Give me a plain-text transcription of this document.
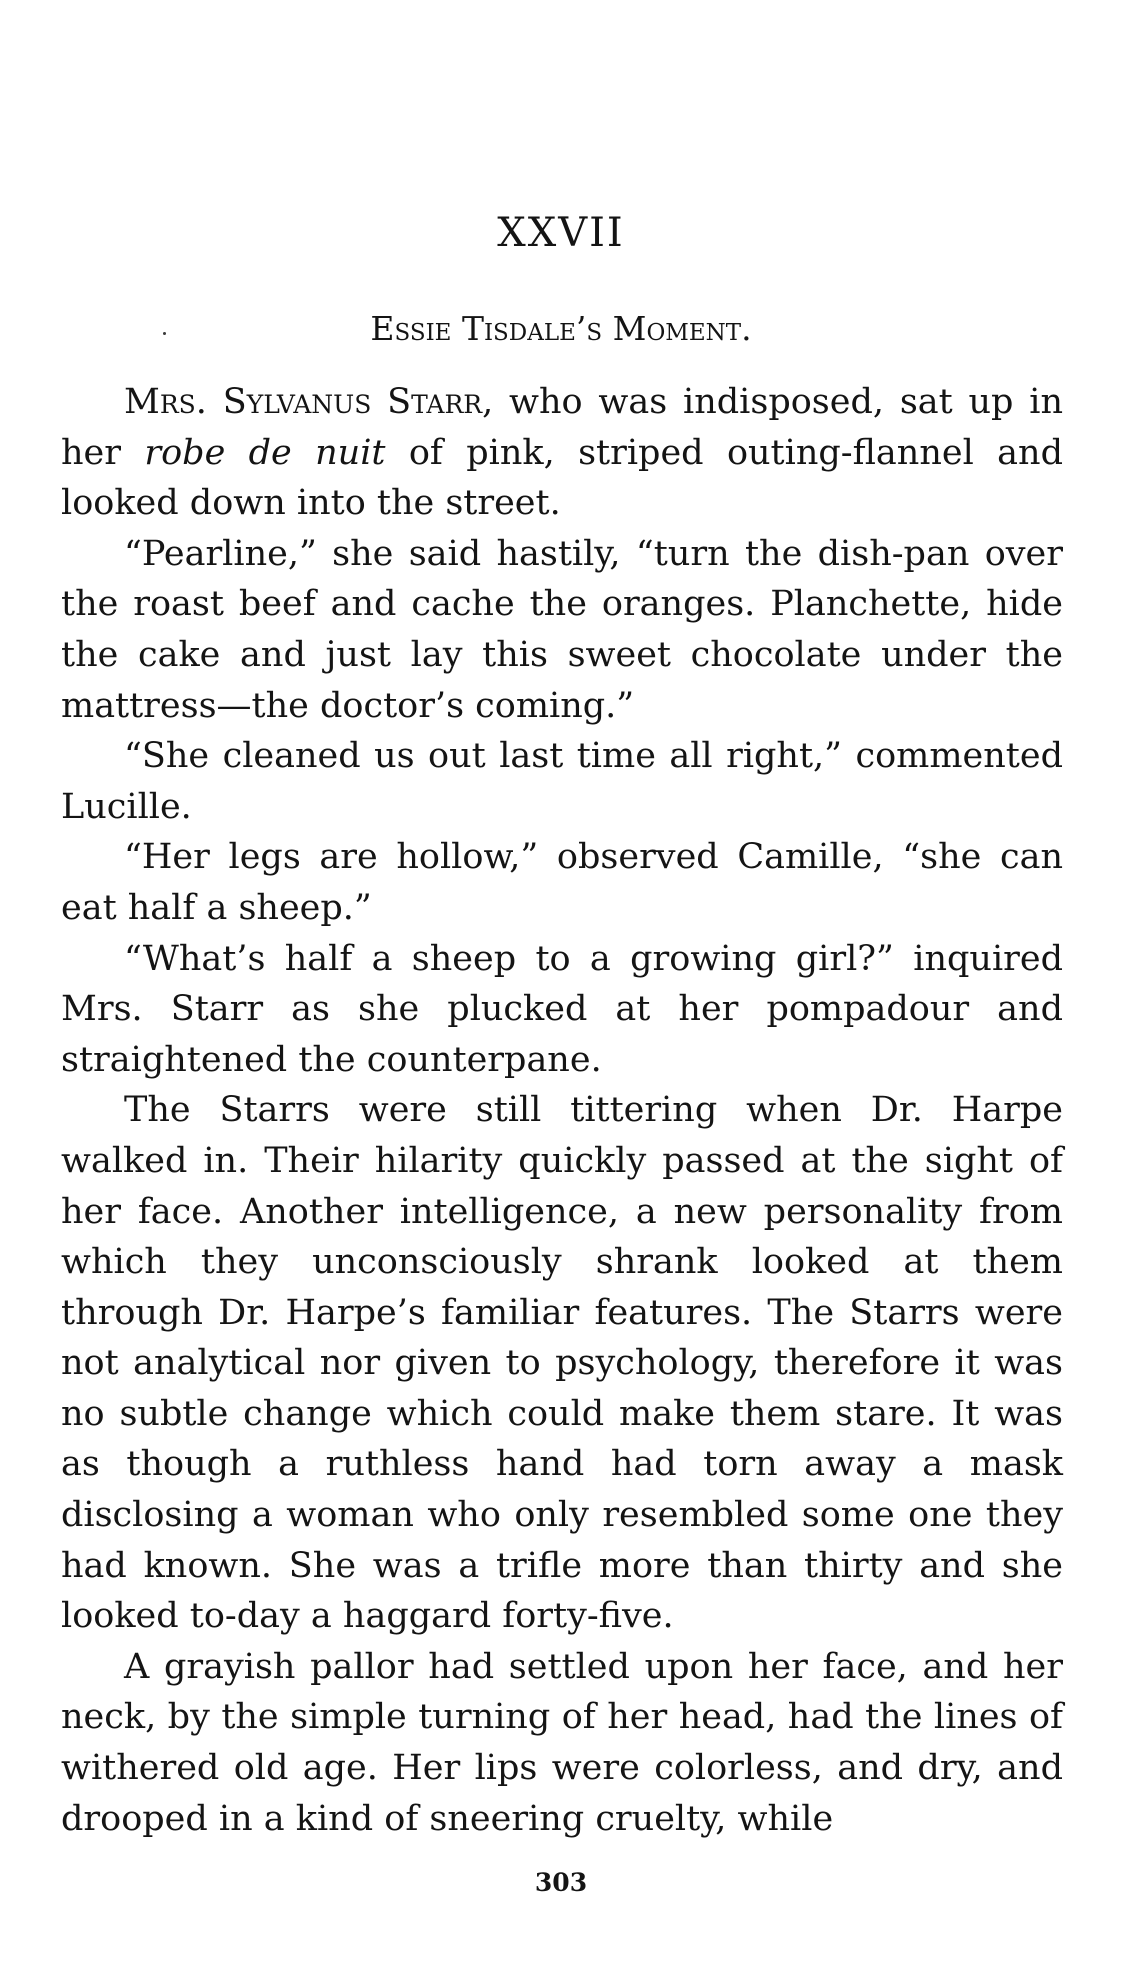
XXVII
Essie Tisdale’s Moment.

Mrs. Sylvanus Starr, who was indisposed, sat up in her robe de nuit of pink, striped outing-flannel and looked down into the street.

“Pearline,” she said hastily, “turn the dish-pan over the roast beef and cache the oranges. Planchette, hide the cake and just lay this sweet chocolate under the mattress—the doctor’s coming.”

“She cleaned us out last time all right,” commented Lucille.

“Her legs are hollow,” observed Camille, “she can eat half a sheep.”

“What’s half a sheep to a growing girl?” inquired Mrs. Starr as she plucked at her pompadour and straightened the counterpane.

The Starrs were still tittering when Dr. Harpe walked in. Their hilarity quickly passed at the sight of her face. Another intelligence, a new personality from which they unconsciously shrank looked at them through Dr. Harpe’s familiar features. The Starrs were not analytical nor given to psychology, therefore it was no subtle change which could make them stare. It was as though a ruthless hand had torn away a mask disclosing a woman who only resembled some one they had known. She was a trifle more than thirty and she looked to-day a haggard forty-five.

A grayish pallor had settled upon her face, and her neck, by the simple turning of her head, had the lines of withered old age. Her lips were colorless, and dry, and drooped in a kind of sneering cruelty, while

303
